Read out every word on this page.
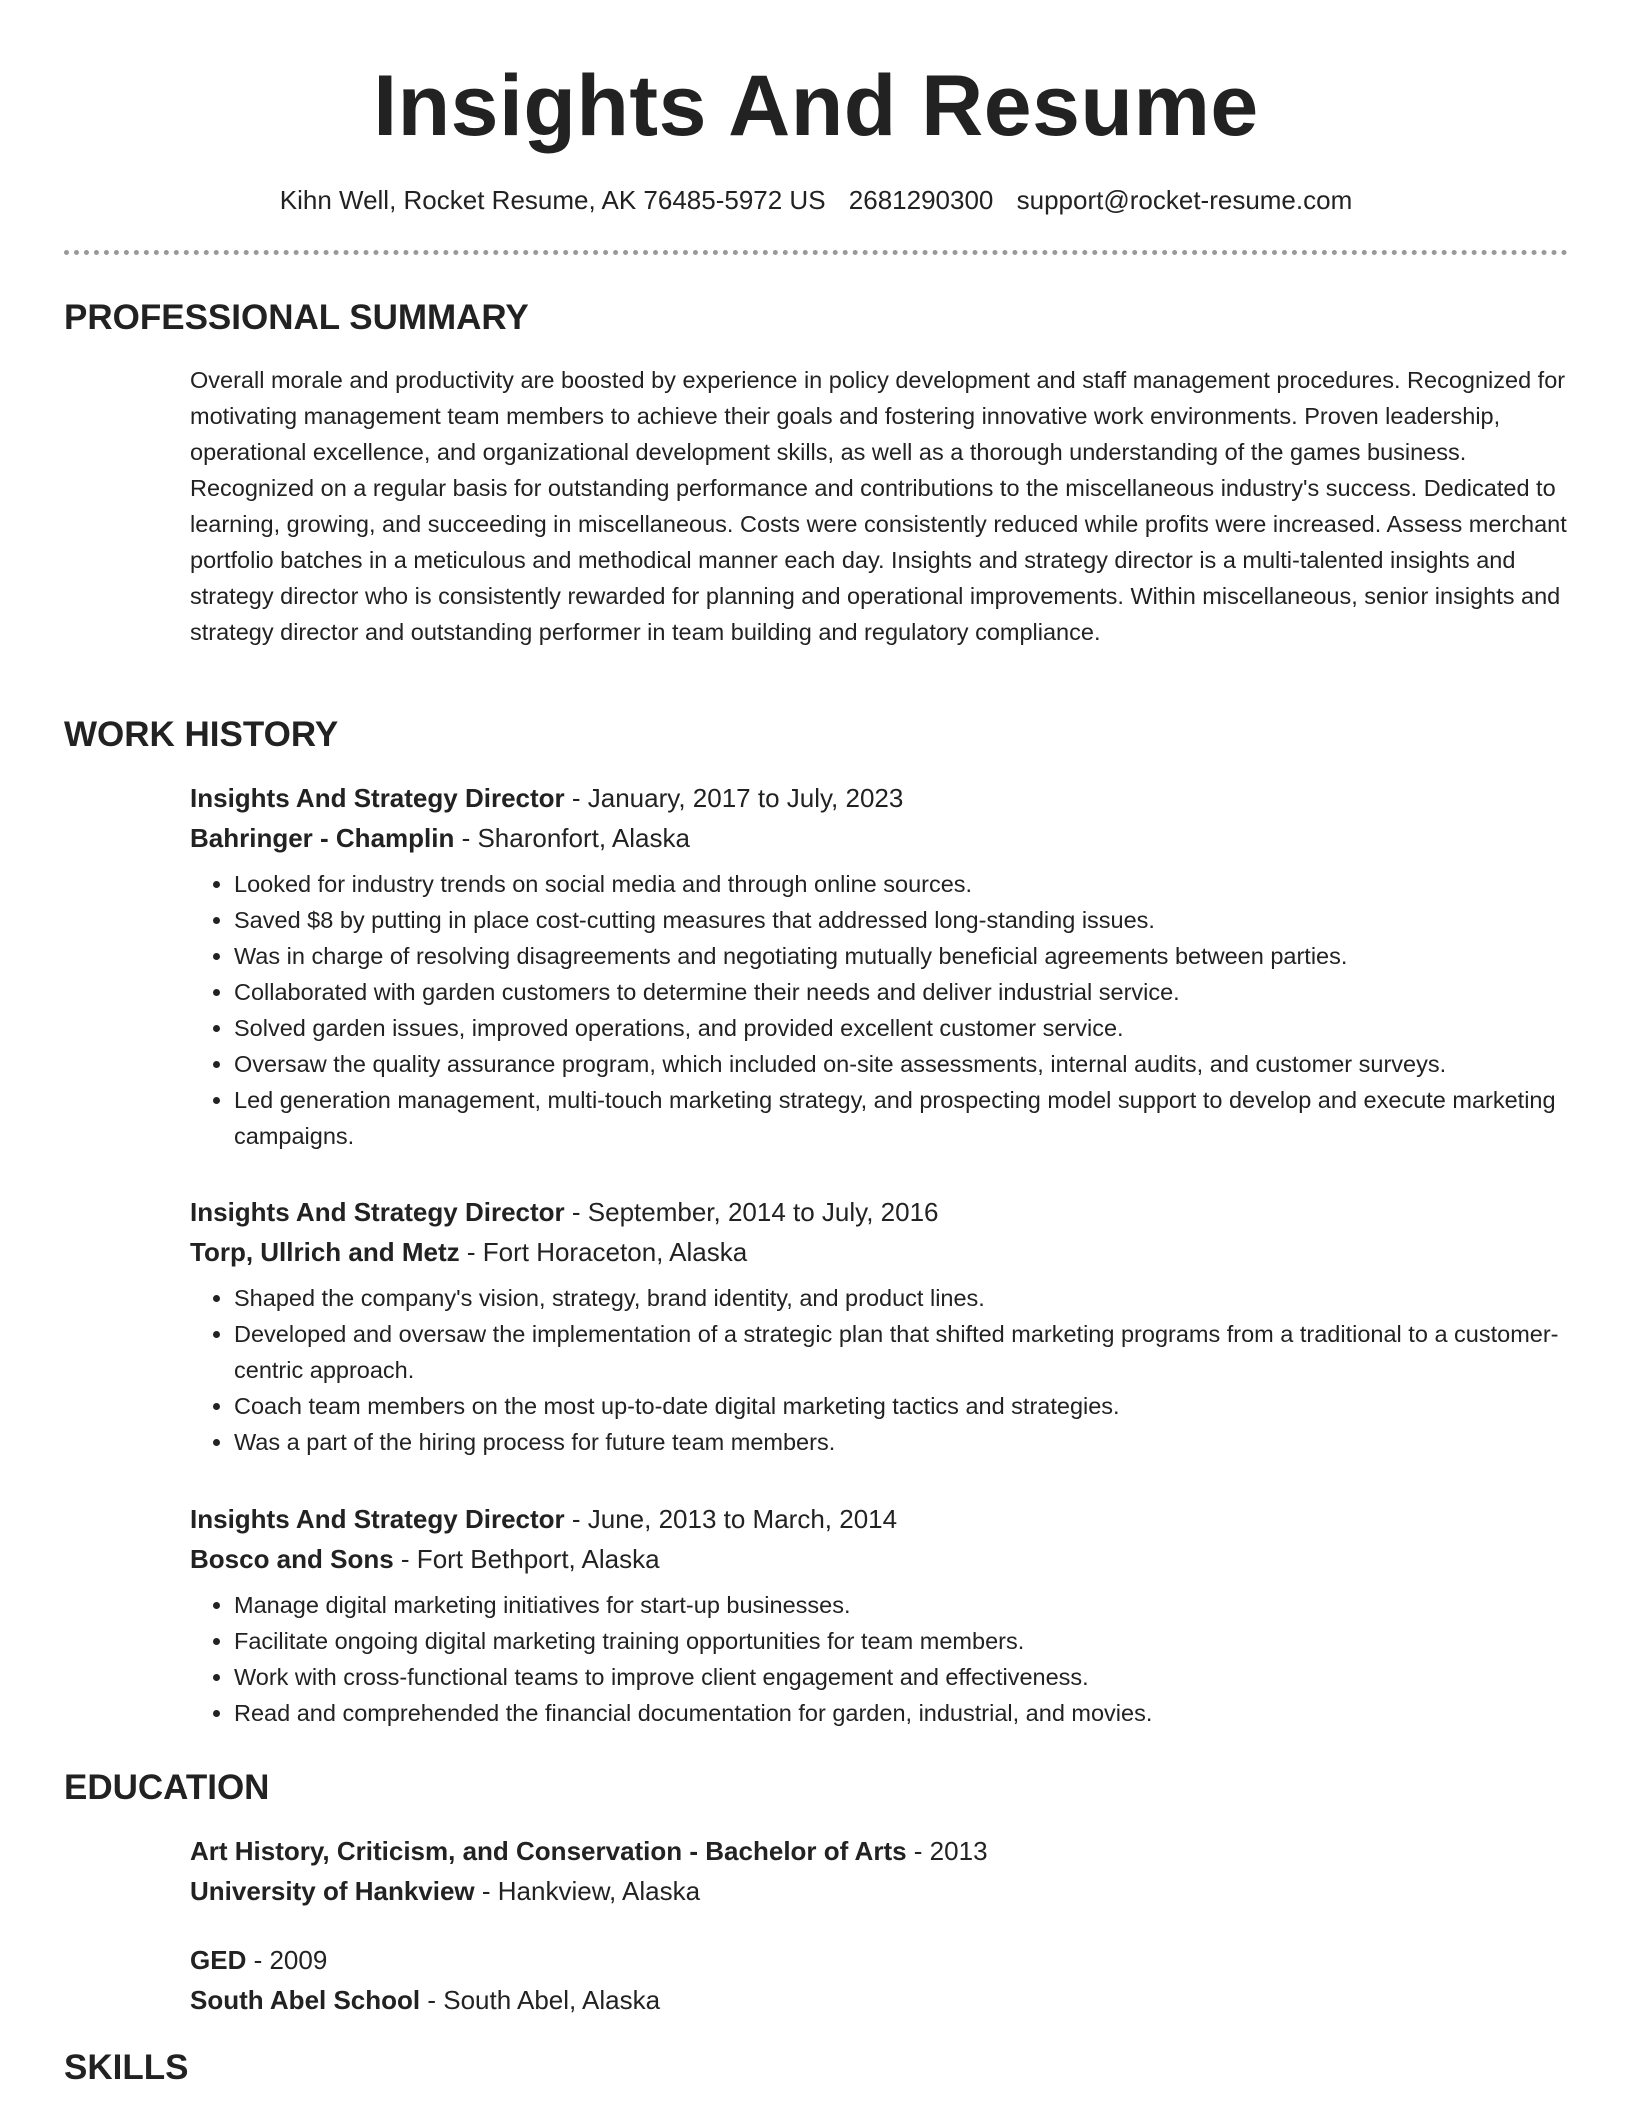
Insights And Resume
Kihn Well, Rocket Resume, AK 76485-5972 US 2681290300 support@rocket-resume.com
PROFESSIONAL SUMMARY

Overall morale and productivity are boosted by experience in policy development and staff management procedures. Recognized for motivating management team members to achieve their goals and fostering innovative work environments. Proven leadership, operational excellence, and organizational development skills, as well as a thorough understanding of the games business. Recognized on a regular basis for outstanding performance and contributions to the miscellaneous industry's success. Dedicated to learning, growing, and succeeding in miscellaneous. Costs were consistently reduced while profits were increased. Assess merchant portfolio batches in a meticulous and methodical manner each day. Insights and strategy director is a multi-talented insights and strategy director who is consistently rewarded for planning and operational improvements. Within miscellaneous, senior insights and strategy director and outstanding performer in team building and regulatory compliance.

WORK HISTORY

Insights And Strategy Director - January, 2017 to July, 2023

Bahringer - Champlin - Sharonfort, Alaska

• Looked for industry trends on social media and through online sources.
• Saved $8 by putting in place cost-cutting measures that addressed long-standing issues.
• Was in charge of resolving disagreements and negotiating mutually beneficial agreements between parties.
• Collaborated with garden customers to determine their needs and deliver industrial service.
• Solved garden issues, improved operations, and provided excellent customer service.
• Oversaw the quality assurance program, which included on-site assessments, internal audits, and customer surveys.
• Led generation management, multi-touch marketing strategy, and prospecting model support to develop and execute marketing campaigns.

Insights And Strategy Director - September, 2014 to July, 2016

Torp, Ullrich and Metz - Fort Horaceton, Alaska

• Shaped the company's vision, strategy, brand identity, and product lines.
• Developed and oversaw the implementation of a strategic plan that shifted marketing programs from a traditional to a customer-centric approach.
• Coach team members on the most up-to-date digital marketing tactics and strategies.
• Was a part of the hiring process for future team members.

Insights And Strategy Director - June, 2013 to March, 2014

Bosco and Sons - Fort Bethport, Alaska

• Manage digital marketing initiatives for start-up businesses.
• Facilitate ongoing digital marketing training opportunities for team members.
• Work with cross-functional teams to improve client engagement and effectiveness.
• Read and comprehended the financial documentation for garden, industrial, and movies.
EDUCATION

Art History, Criticism, and Conservation - Bachelor of Arts - 2013

University of Hankview - Hankview, Alaska

GED - 2009

South Abel School - South Abel, Alaska

SKILLS
